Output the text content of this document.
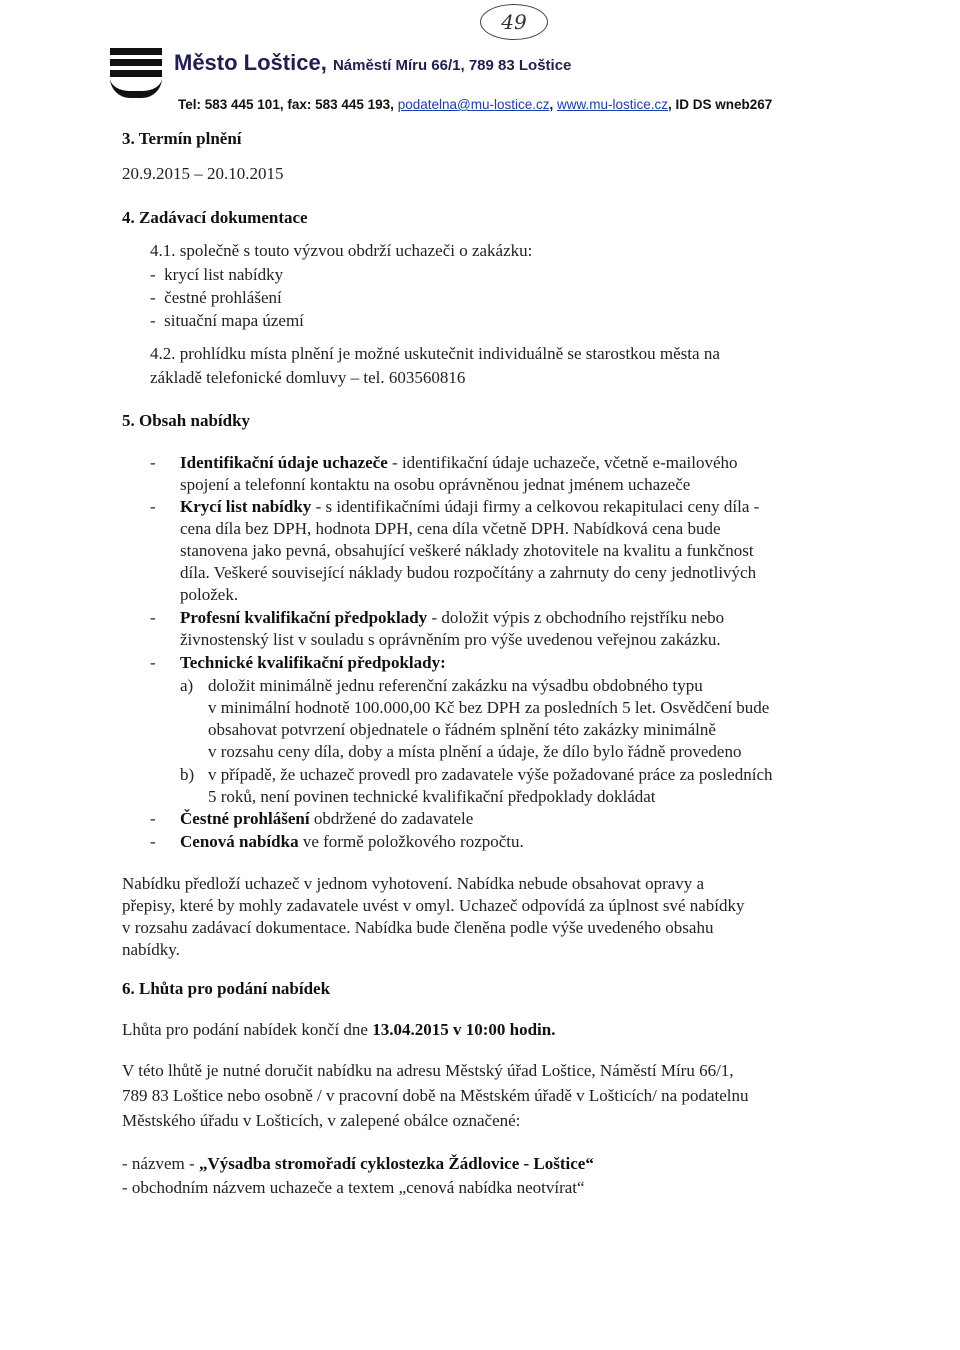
49
Město Loštice, Náměstí Míru 66/1, 789 83 Loštice
Tel: 583 445 101, fax: 583 445 193, podatelna@mu-lostice.cz, www.mu-lostice.cz, ID DS wneb267
3. Termín plnění
20.9.2015 – 20.10.2015
4. Zadávací dokumentace
4.1. společně s touto výzvou obdrží uchazeči o zakázku:
-  krycí list nabídky
-  čestné prohlášení
-  situační mapa území
4.2. prohlídku místa plnění je možné uskutečnit individuálně se starostkou města na
základě telefonické domluvy – tel. 603560816
5. Obsah nabídky
- Identifikační údaje uchazeče - identifikační údaje uchazeče, včetně e-mailového
spojení a telefonní kontaktu na osobu oprávněnou jednat jménem uchazeče
- Krycí list nabídky - s identifikačními údaji firmy a celkovou rekapitulaci ceny díla -
cena díla bez DPH, hodnota DPH, cena díla včetně DPH. Nabídková cena bude
stanovena jako pevná, obsahující veškeré náklady zhotovitele na kvalitu a funkčnost
díla. Veškeré související náklady budou rozpočítány a zahrnuty do ceny jednotlivých
položek.
- Profesní kvalifikační předpoklady - doložit výpis z obchodního rejstříku nebo
živnostenský list v souladu s oprávněním pro výše uvedenou veřejnou zakázku.
- Technické kvalifikační předpoklady:
a) doložit minimálně jednu referenční zakázku na výsadbu obdobného typu
v minimální hodnotě 100.000,00 Kč bez DPH za posledních 5 let. Osvědčení bude
obsahovat potvrzení objednatele o řádném splnění této zakázky minimálně
v rozsahu ceny díla, doby a místa plnění a údaje, že dílo bylo řádně provedeno
b) v případě, že uchazeč provedl pro zadavatele výše požadované práce za posledních
5 roků, není povinen technické kvalifikační předpoklady dokládat
- Čestné prohlášení obdržené do zadavatele
- Cenová nabídka ve formě položkového rozpočtu.
Nabídku předloží uchazeč v jednom vyhotovení. Nabídka nebude obsahovat opravy a
přepisy, které by mohly zadavatele uvést v omyl. Uchazeč odpovídá za úplnost své nabídky
v rozsahu zadávací dokumentace. Nabídka bude členěna podle výše uvedeného obsahu
nabídky.
6. Lhůta pro podání nabídek
Lhůta pro podání nabídek končí dne 13.04.2015 v 10:00 hodin.
V této lhůtě je nutné doručit nabídku na adresu Městský úřad Loštice, Náměstí Míru 66/1,
789 83 Loštice nebo osobně / v pracovní době na Městském úřadě v Lošticích/ na podatelnu
Městského úřadu v Lošticích, v zalepené obálce označené:
- názvem - „Výsadba stromořadí cyklostezka Žádlovice - Loštice“
- obchodním názvem uchazeče a textem „cenová nabídka neotvírat“
